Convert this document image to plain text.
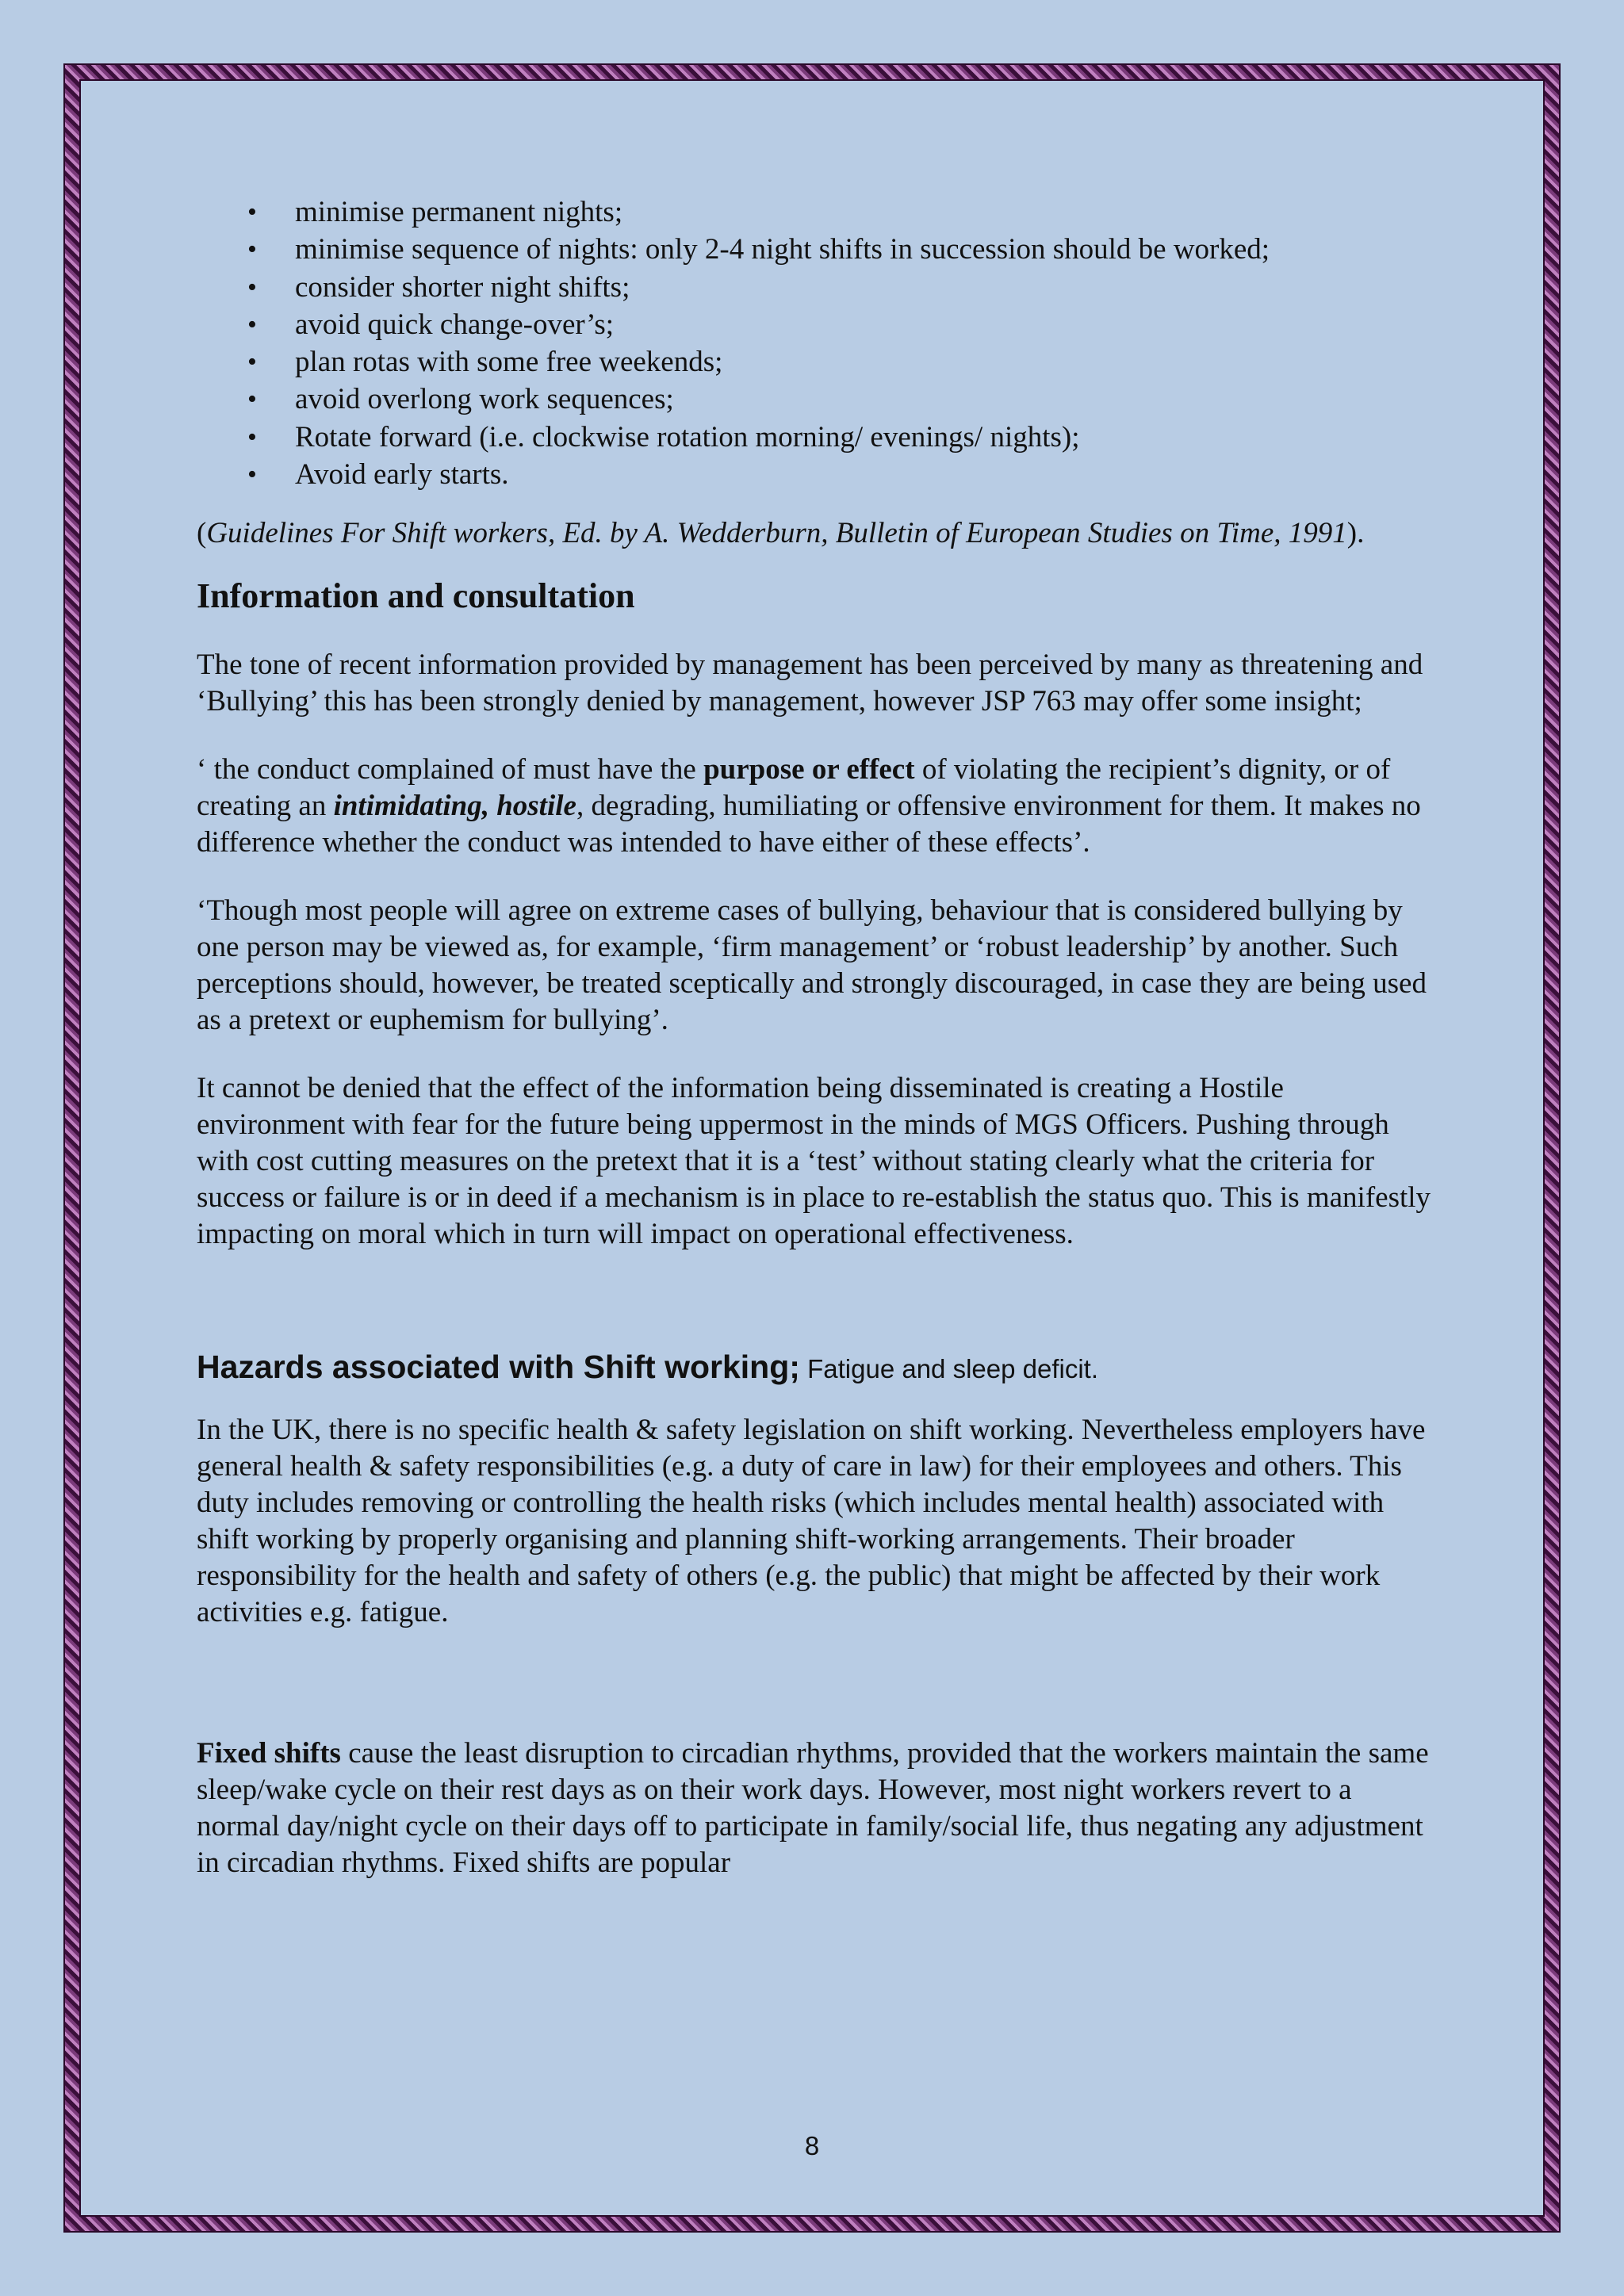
• minimise permanent nights;
• minimise sequence of nights: only 2-4 night shifts in succession should be worked;
• consider shorter night shifts;
• avoid quick change-over’s;
• plan rotas with some free weekends;
• avoid overlong work sequences;
• Rotate forward (i.e. clockwise rotation morning/ evenings/ nights);
• Avoid early starts.

(Guidelines For Shift workers, Ed. by A. Wedderburn, Bulletin of European Studies on Time, 1991).

Information and consultation

The tone of recent information provided by management has been perceived by many as threatening and ‘Bullying’ this has been strongly denied by management, however JSP 763 may offer some insight;

‘ the conduct complained of must have the purpose or effect of violating the recipient’s dignity, or of creating an intimidating, hostile, degrading, humiliating or offensive environment for them. It makes no difference whether the conduct was intended to have either of these effects’.

‘Though most people will agree on extreme cases of bullying, behaviour that is considered bullying by one person may be viewed as, for example, ‘firm management’ or ‘robust leadership’ by another. Such perceptions should, however, be treated sceptically and strongly discouraged, in case they are being used as a pretext or euphemism for bullying’.

It cannot be denied that the effect of the information being disseminated is creating a Hostile environment with fear for the future being uppermost in the minds of MGS Officers. Pushing through with cost cutting measures on the pretext that it is a ‘test’ without stating clearly what the criteria for success or failure is or in deed if a mechanism is in place to re-establish the status quo. This is manifestly impacting on moral which in turn will impact on operational effectiveness.

Hazards associated with Shift working; Fatigue and sleep deficit.

In the UK, there is no specific health & safety legislation on shift working. Nevertheless employers have general health & safety responsibilities (e.g. a duty of care in law) for their employees and others. This duty includes removing or controlling the health risks (which includes mental health) associated with shift working by properly organising and planning shift-working arrangements. Their broader responsibility for the health and safety of others (e.g. the public) that might be affected by their work activities e.g. fatigue.

Fixed shifts cause the least disruption to circadian rhythms, provided that the workers maintain the same sleep/wake cycle on their rest days as on their work days. However, most night workers revert to a normal day/night cycle on their days off to participate in family/social life, thus negating any adjustment in circadian rhythms. Fixed shifts are popular

8
